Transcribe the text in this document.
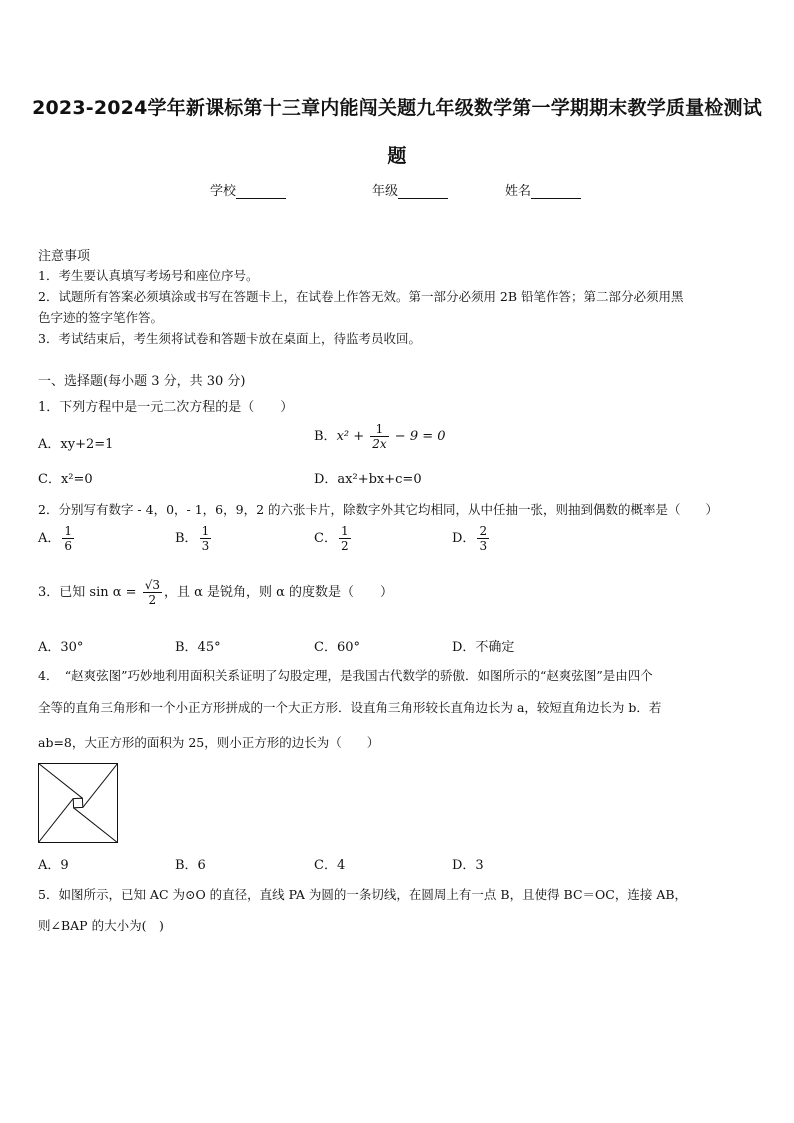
2023-2024学年新课标第十三章内能闯关题九年级数学第一学期期末教学质量检测试
题
学校	年级	姓名
注意事项
1．考生要认真填写考场号和座位序号。
2．试题所有答案必须填涂或书写在答题卡上，在试卷上作答无效。第一部分必须用 2B 铅笔作答；第二部分必须用黑
色字迹的签字笔作答。
3．考试结束后，考生须将试卷和答题卡放在桌面上，待监考员收回。
一、选择题(每小题 3 分，共 30 分)
1．下列方程中是一元二次方程的是（　　）
A．xy+2=1
B．$x^2 + \frac{1}{2x} - 9 = 0$
C．x²=0	D．ax²+bx+c=0
2．分别写有数字 - 4，0，- 1，6，9，2 的六张卡片，除数字外其它均相同，从中任抽一张，则抽到偶数的概率是（　　）
A． $\frac{1}{6}$	B． $\frac{1}{3}$	C． $\frac{1}{2}$	D． $\frac{2}{3}$
3．已知 $\sin \alpha = \frac{√3}{2}$ ，且 α 是锐角，则 α 的度数是（　　）
A．30°	B．45°	C．60°	D．不确定
4．　“赵爽弦图”巧妙地利用面积关系证明了勾股定理，是我国古代数学的骄傲．如图所示的“赵爽弦图”是由四个
全等的直角三角形和一个小正方形拼成的一个大正方形．设直角三角形较长直角边长为 a，较短直角边长为 b．若
ab=8，大正方形的面积为 25，则小正方形的边长为（　　）
A．9	B．6	C．4	D．3
5．如图所示，已知 AC 为⊙O 的直径，直线 PA 为圆的一条切线，在圆周上有一点 B，且使得 BC＝OC，连接 AB，
则∠BAP 的大小为(　)
